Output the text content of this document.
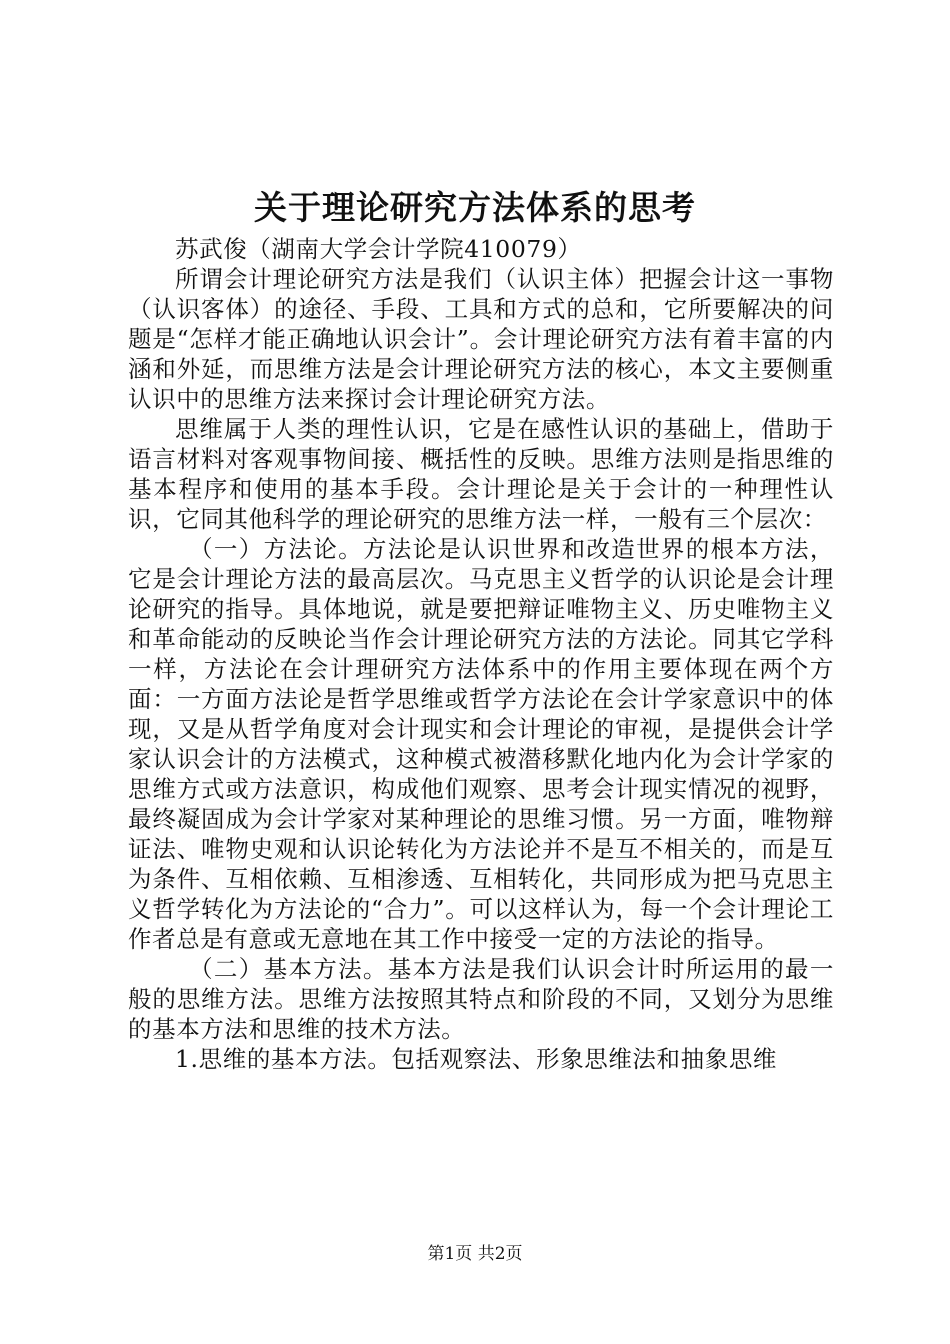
关于理论研究方法体系的思考

苏武俊（湖南大学会计学院410079）

所谓会计理论研究方法是我们（认识主体）把握会计这一事物（认识客体）的途径、手段、工具和方式的总和，它所要解决的问题是“怎样才能正确地认识会计”。会计理论研究方法有着丰富的内涵和外延，而思维方法是会计理论研究方法的核心，本文主要侧重认识中的思维方法来探讨会计理论研究方法。

思维属于人类的理性认识，它是在感性认识的基础上，借助于语言材料对客观事物间接、概括性的反映。思维方法则是指思维的基本程序和使用的基本手段。会计理论是关于会计的一种理性认识，它同其他科学的理论研究的思维方法一样，一般有三个层次：

（一）方法论。方法论是认识世界和改造世界的根本方法，它是会计理论方法的最高层次。马克思主义哲学的认识论是会计理论研究的指导。具体地说，就是要把辩证唯物主义、历史唯物主义和革命能动的反映论当作会计理论研究方法的方法论。同其它学科一样，方法论在会计理研究方法体系中的作用主要体现在两个方面：一方面方法论是哲学思维或哲学方法论在会计学家意识中的体现，又是从哲学角度对会计现实和会计理论的审视，是提供会计学家认识会计的方法模式，这种模式被潜移默化地内化为会计学家的思维方式或方法意识，构成他们观察、思考会计现实情况的视野，最终凝固成为会计学家对某种理论的思维习惯。另一方面，唯物辩证法、唯物史观和认识论转化为方法论并不是互不相关的，而是互为条件、互相依赖、互相渗透、互相转化，共同形成为把马克思主义哲学转化为方法论的“合力”。可以这样认为，每一个会计理论工作者总是有意或无意地在其工作中接受一定的方法论的指导。

（二）基本方法。基本方法是我们认识会计时所运用的最一般的思维方法。思维方法按照其特点和阶段的不同，又划分为思维的基本方法和思维的技术方法。

1.思维的基本方法。包括观察法、形象思维法和抽象思维

第1页 共2页
